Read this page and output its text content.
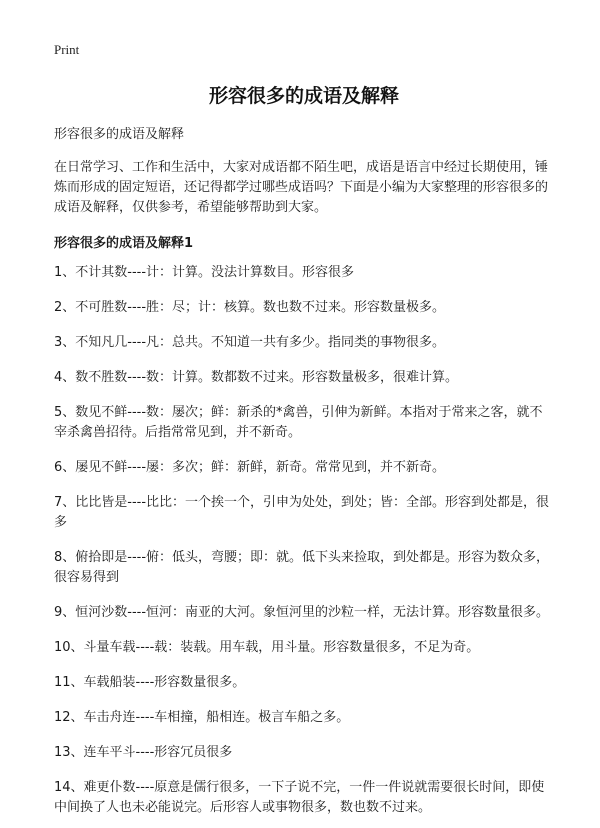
Print
形容很多的成语及解释

形容很多的成语及解释

在日常学习、工作和生活中，大家对成语都不陌生吧，成语是语言中经过长期使用，锤炼而形成的固定短语，还记得都学过哪些成语吗？下面是小编为大家整理的形容很多的成语及解释，仅供参考，希望能够帮助到大家。

形容很多的成语及解释1

1、不计其数----计：计算。没法计算数目。形容很多

2、不可胜数----胜：尽；计：核算。数也数不过来。形容数量极多。

3、不知凡几----凡：总共。不知道一共有多少。指同类的事物很多。

4、数不胜数----数：计算。数都数不过来。形容数量极多，很难计算。

5、数见不鲜----数：屡次；鲜：新杀的*禽兽，引伸为新鲜。本指对于常来之客，就不宰杀禽兽招待。后指常常见到，并不新奇。

6、屡见不鲜----屡：多次；鲜：新鲜，新奇。常常见到，并不新奇。

7、比比皆是----比比：一个挨一个，引申为处处，到处；皆：全部。形容到处都是，很多

8、俯拾即是----俯：低头，弯腰；即：就。低下头来捡取，到处都是。形容为数众多，很容易得到

9、恒河沙数----恒河：南亚的大河。象恒河里的沙粒一样，无法计算。形容数量很多。

10、斗量车载----载：装载。用车载，用斗量。形容数量很多，不足为奇。

11、车载船装----形容数量很多。

12、车击舟连----车相撞，船相连。极言车船之多。

13、连车平斗----形容冗员很多

14、难更仆数----原意是儒行很多，一下子说不完，一件一件说就需要很长时间，即使中间换了人也未必能说完。后形容人或事物很多，数也数不过来。
